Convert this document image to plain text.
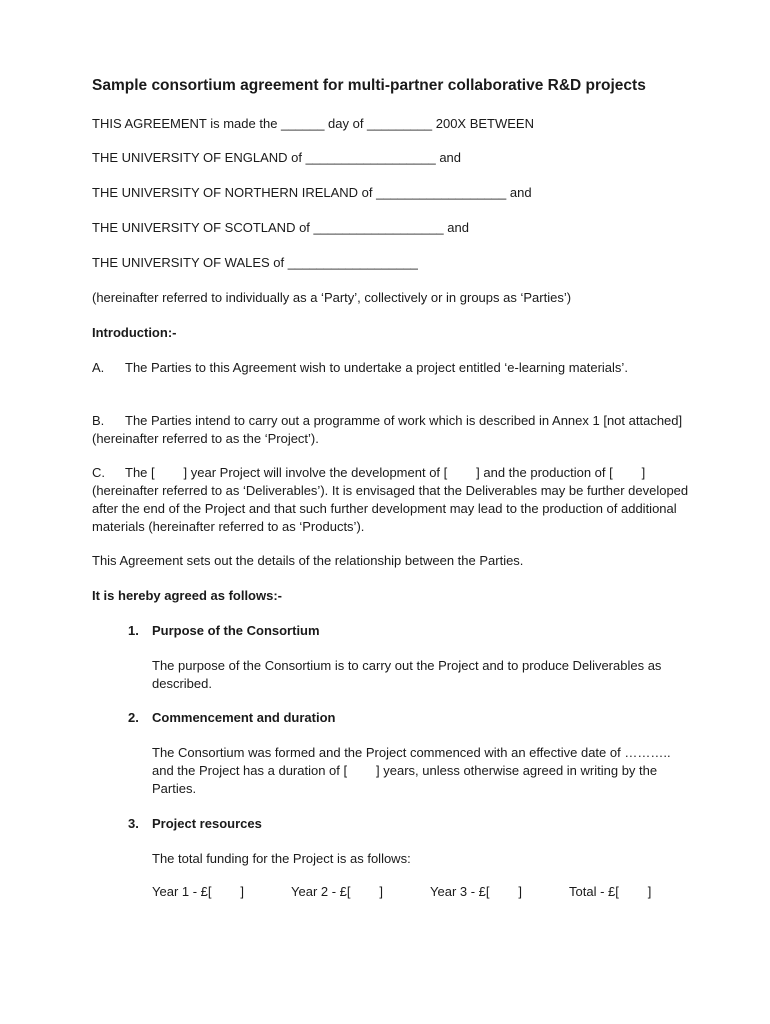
Sample consortium agreement for multi-partner collaborative R&D projects
THIS AGREEMENT is made the ______ day of _________ 200X BETWEEN
THE UNIVERSITY OF ENGLAND of __________________ and
THE UNIVERSITY OF NORTHERN IRELAND of __________________ and
THE UNIVERSITY OF SCOTLAND of __________________ and
THE UNIVERSITY OF WALES of __________________
(hereinafter referred to individually as a ‘Party’, collectively or in groups as ‘Parties’)
Introduction:-
A. The Parties to this Agreement wish to undertake a project entitled ‘e-learning materials’.
B. The Parties intend to carry out a programme of work which is described in Annex 1 [not attached] (hereinafter referred to as the ‘Project’).
C. The [        ] year Project will involve the development of [        ] and the production of [        ] (hereinafter referred to as ‘Deliverables’). It is envisaged that the Deliverables may be further developed after the end of the Project and that such further development may lead to the production of additional materials (hereinafter referred to as ‘Products’).
This Agreement sets out the details of the relationship between the Parties.
It is hereby agreed as follows:-
1. Purpose of the Consortium
The purpose of the Consortium is to carry out the Project and to produce Deliverables as described.
2. Commencement and duration
The Consortium was formed and the Project commenced with an effective date of ……….. and the Project has a duration of [        ] years, unless otherwise agreed in writing by the Parties.
3. Project resources
The total funding for the Project is as follows:
Year 1 - £[        ]	Year 2 - £[        ]	Year 3 - £[        ]	Total - £[        ]
